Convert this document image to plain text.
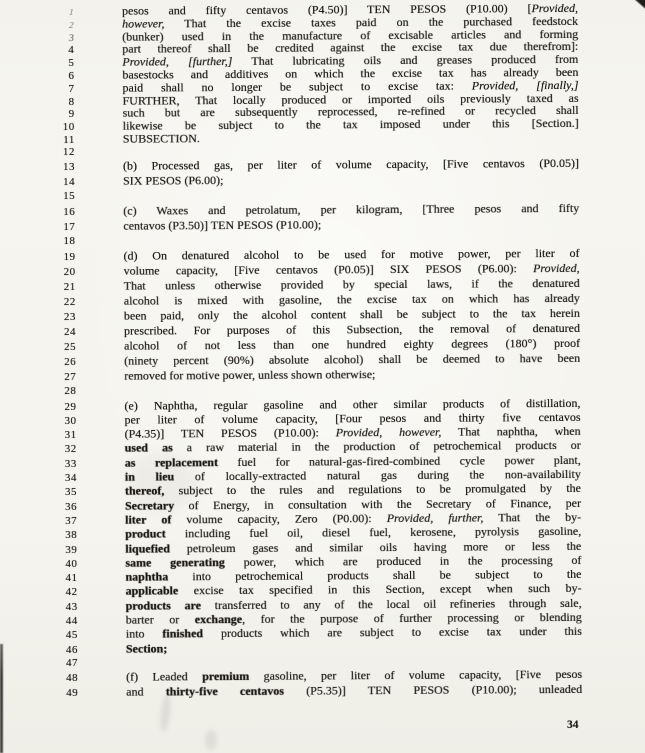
1	pesos and fifty centavos (P4.50)] TEN PESOS (P10.00) [Provided,
2	however, That the excise taxes paid on the purchased feedstock
3	(bunker) used in the manufacture of excisable articles and forming
4	part thereof shall be credited against the excise tax due therefrom]:
5	Provided, [further,] That lubricating oils and greases produced from
6	basestocks and additives on which the excise tax has already been
7	paid shall no longer be subject to excise tax: Provided, [finally,]
8	FURTHER, That locally produced or imported oils previously taxed as
9	such but are subsequently reprocessed, re-refined or recycled shall
10	likewise be subject to the tax imposed under this [Section.]
11	SUBSECTION.
12
13	(b) Processed gas, per liter of volume capacity, [Five centavos (P0.05)]
14	SIX PESOS (P6.00);
15
16	(c) Waxes and petrolatum, per kilogram, [Three pesos and fifty
17	centavos (P3.50)] TEN PESOS (P10.00);
18
19	(d) On denatured alcohol to be used for motive power, per liter of
20	volume capacity, [Five centavos (P0.05)] SIX PESOS (P6.00): Provided,
21	That unless otherwise provided by special laws, if the denatured
22	alcohol is mixed with gasoline, the excise tax on which has already
23	been paid, only the alcohol content shall be subject to the tax herein
24	prescribed. For purposes of this Subsection, the removal of denatured
25	alcohol of not less than one hundred eighty degrees (180°) proof
26	(ninety percent (90%) absolute alcohol) shall be deemed to have been
27	removed for motive power, unless shown otherwise;
28
29	(e) Naphtha, regular gasoline and other similar products of distillation,
30	per liter of volume capacity, [Four pesos and thirty five centavos
31	(P4.35)] TEN PESOS (P10.00): Provided, however, That naphtha, when
32	used as a raw material in the production of petrochemical products or
33	as replacement fuel for natural-gas-fired-combined cycle power plant,
34	in lieu of locally-extracted natural gas during the non-availability
35	thereof, subject to the rules and regulations to be promulgated by the
36	Secretary of Energy, in consultation with the Secretary of Finance, per
37	liter of volume capacity, Zero (P0.00): Provided, further, That the by-
38	product including fuel oil, diesel fuel, kerosene, pyrolysis gasoline,
39	liquefied petroleum gases and similar oils having more or less the
40	same generating power, which are produced in the processing of
41	naphtha into petrochemical products shall be subject to the
42	applicable excise tax specified in this Section, except when such by-
43	products are transferred to any of the local oil refineries through sale,
44	barter or exchange, for the purpose of further processing or blending
45	into finished products which are subject to excise tax under this
46	Section;
47
48	(f) Leaded premium gasoline, per liter of volume capacity, [Five pesos
49	and thirty-five centavos (P5.35)] TEN PESOS (P10.00); unleaded
34
